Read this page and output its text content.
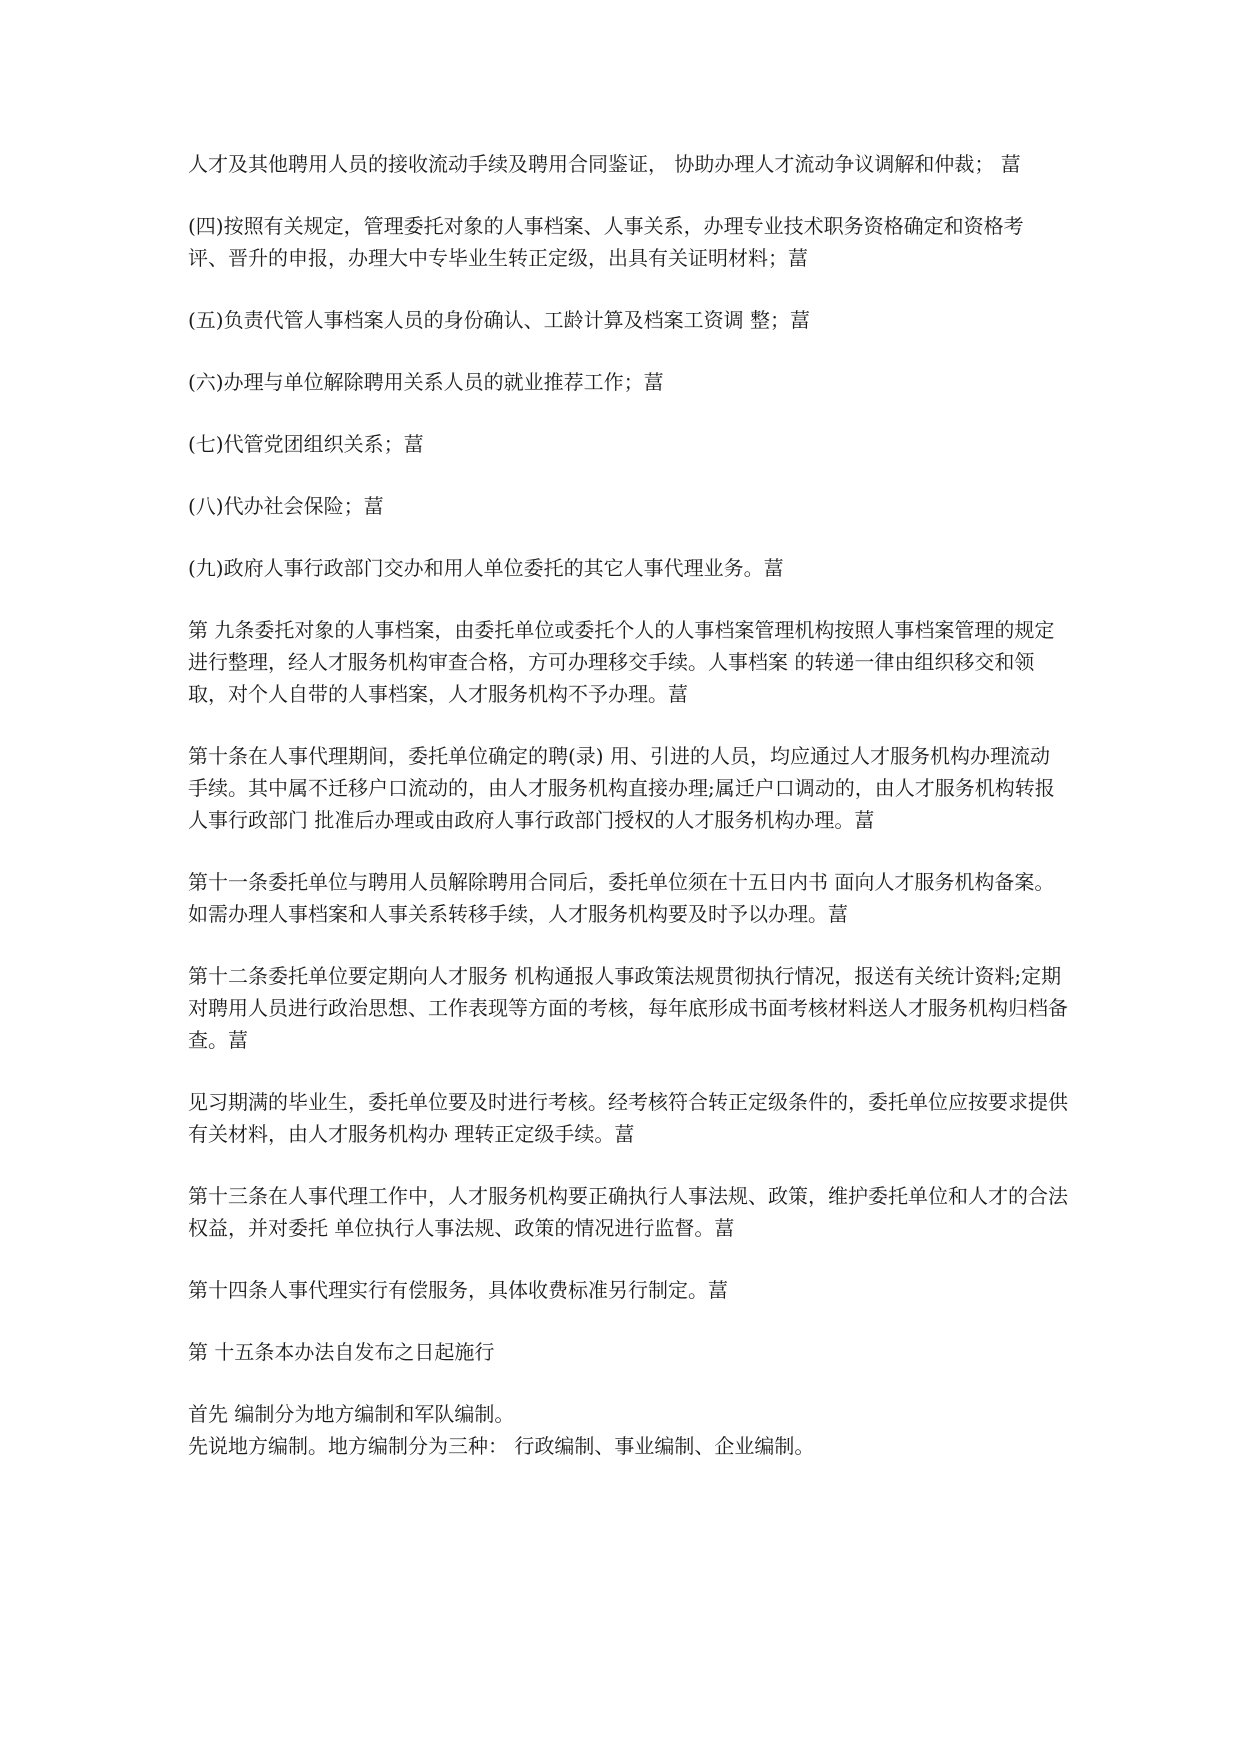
人才及其他聘用人员的接收流动手续及聘用合同鉴证， 协助办理人才流动争议调解和仲裁； 葍

(四)按照有关规定，管理委托对象的人事档案、人事关系，办理专业技术职务资格确定和资格考 评、晋升的申报，办理大中专毕业生转正定级，出具有关证明材料；葍

(五)负责代管人事档案人员的身份确认、工龄计算及档案工资调 整；葍

(六)办理与单位解除聘用关系人员的就业推荐工作；葍

(七)代管党团组织关系；葍

(八)代办社会保险；葍

(九)政府人事行政部门交办和用人单位委托的其它人事代理业务。葍

第 九条委托对象的人事档案，由委托单位或委托个人的人事档案管理机构按照人事档案管理的规定进行整理，经人才服务机构审查合格，方可办理移交手续。人事档案 的转递一律由组织移交和领取，对个人自带的人事档案，人才服务机构不予办理。葍

第十条在人事代理期间，委托单位确定的聘(录) 用、引进的人员，均应通过人才服务机构办理流动手续。其中属不迁移户口流动的，由人才服务机构直接办理;属迁户口调动的，由人才服务机构转报人事行政部门 批准后办理或由政府人事行政部门授权的人才服务机构办理。葍

第十一条委托单位与聘用人员解除聘用合同后，委托单位须在十五日内书 面向人才服务机构备案。如需办理人事档案和人事关系转移手续，人才服务机构要及时予以办理。葍

第十二条委托单位要定期向人才服务 机构通报人事政策法规贯彻执行情况，报送有关统计资料;定期对聘用人员进行政治思想、工作表现等方面的考核，每年底形成书面考核材料送人才服务机构归档备 查。葍

见习期满的毕业生，委托单位要及时进行考核。经考核符合转正定级条件的，委托单位应按要求提供有关材料，由人才服务机构办 理转正定级手续。葍

第十三条在人事代理工作中，人才服务机构要正确执行人事法规、政策，维护委托单位和人才的合法权益，并对委托 单位执行人事法规、政策的情况进行监督。葍

第十四条人事代理实行有偿服务，具体收费标准另行制定。葍

第 十五条本办法自发布之日起施行

首先 编制分为地方编制和军队编制。

先说地方编制。地方编制分为三种： 行政编制、事业编制、企业编制。
